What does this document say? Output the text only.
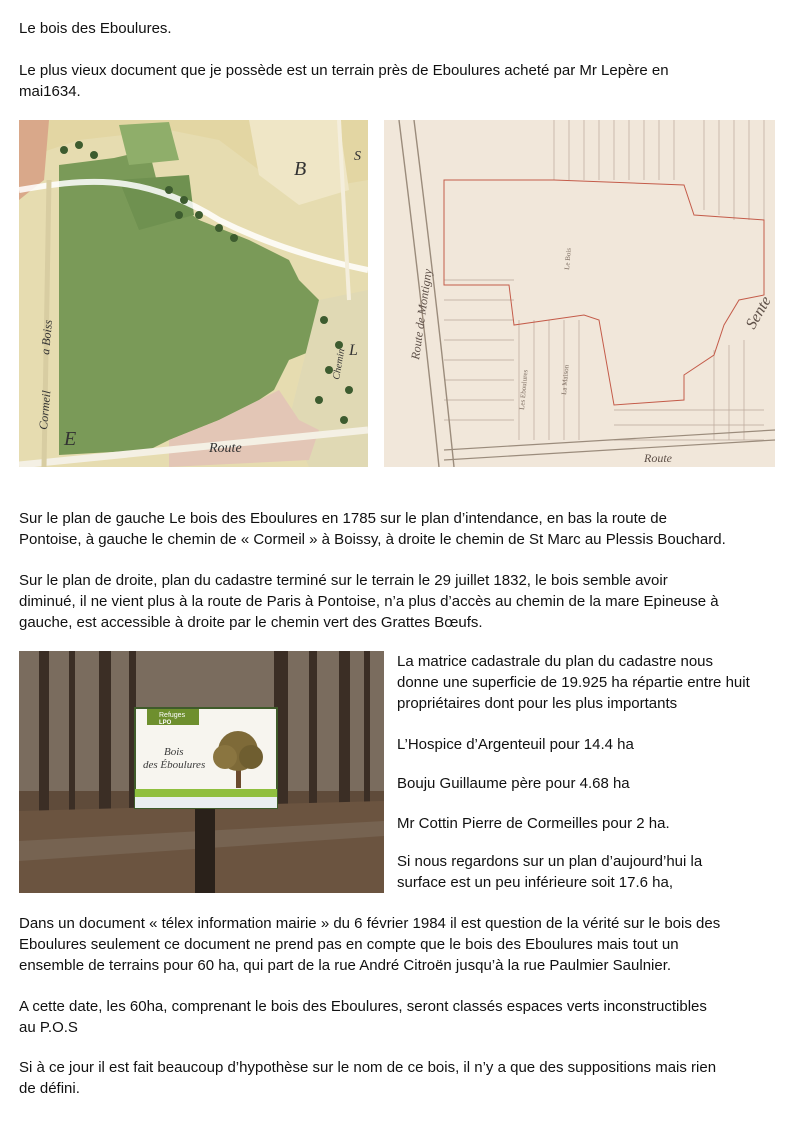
Le bois des Eboulures.

Le plus vieux document que je possède est un terrain près de Eboulures acheté par Mr Lepère en

mai1634.

B
S
L
E	Route
Cormeil
a Boiss
Chemin
Route de Montigny
Le Bois
Les Eboulures	La Maison
Sente
Route

Sur le plan de gauche Le bois des Eboulures en 1785 sur le plan d’intendance, en bas la route de

Pontoise, à gauche le chemin de « Cormeil » à Boissy, à droite le chemin de St Marc au Plessis Bouchard.

Sur le plan de droite, plan du cadastre terminé sur le terrain le 29 juillet 1832, le bois semble avoir

diminué, il ne vient plus à la route de Paris à Pontoise, n’a plus d’accès au chemin de la mare Epineuse à

gauche, est accessible à droite par le chemin vert des Grattes Bœufs.

Refuges
LPO
Bois
des Éboulures

La matrice cadastrale du plan du cadastre nous

donne une superficie de 19.925 ha répartie entre huit

propriétaires dont pour les plus importants

L’Hospice d’Argenteuil pour 14.4 ha

Bouju Guillaume père pour 4.68 ha

Mr Cottin Pierre de Cormeilles pour 2 ha.

Si nous regardons sur un plan d’aujourd’hui la

surface est un peu inférieure soit 17.6 ha,

Dans un document « télex information mairie » du 6 février 1984 il est question de la vérité sur le bois des

Eboulures seulement ce document ne prend pas en compte que le bois des Eboulures mais tout un

ensemble de terrains pour 60 ha, qui part de la rue André Citroën jusqu’à la rue Paulmier Saulnier.

A cette date, les 60ha, comprenant le bois des Eboulures, seront classés espaces verts inconstructibles

au P.O.S

Si à ce jour il est fait beaucoup d’hypothèse sur le nom de ce bois, il n’y a que des suppositions mais rien

de défini.
